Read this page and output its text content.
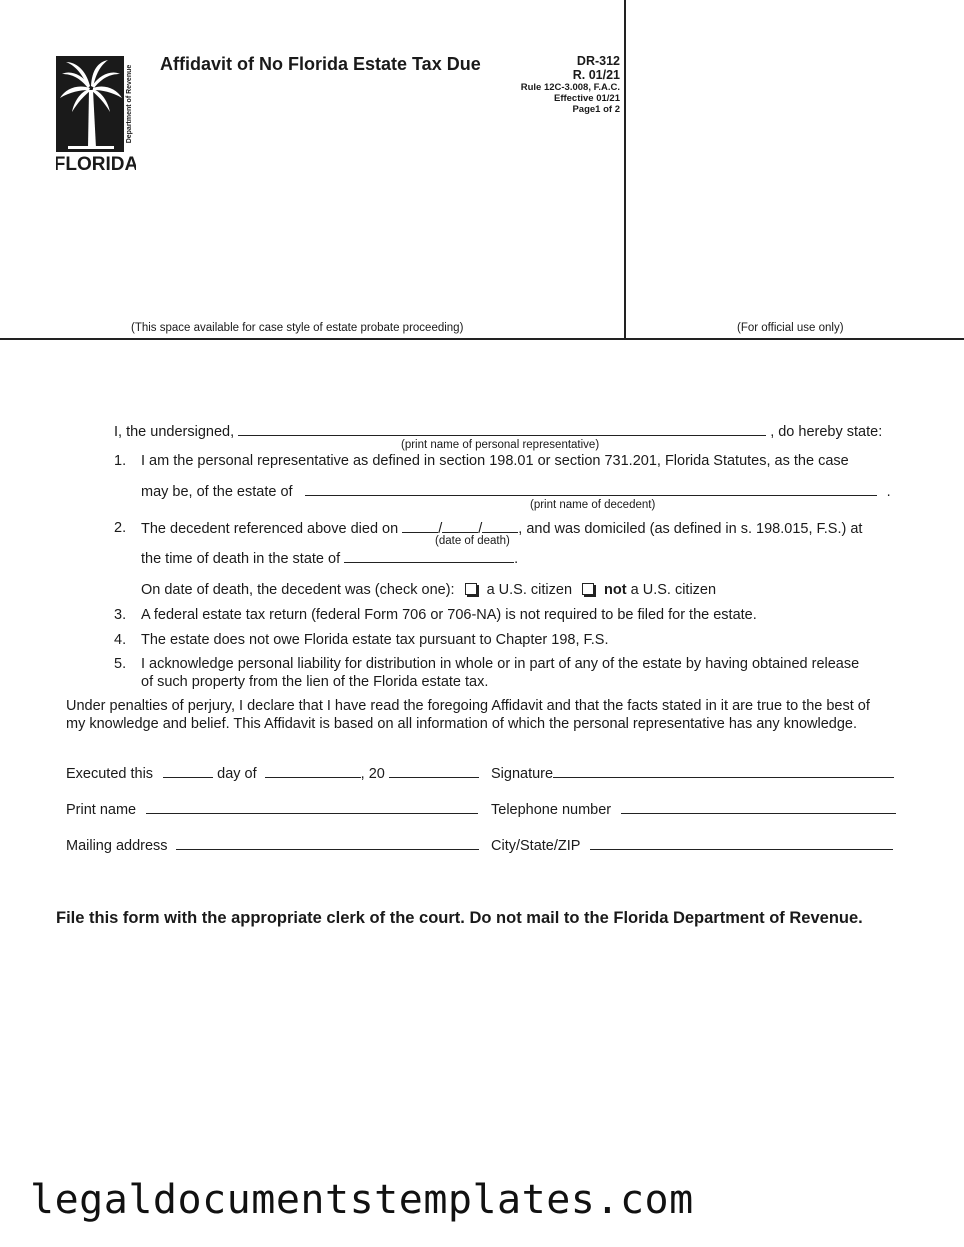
Department of Revenue
FLORIDA
Affidavit of No Florida Estate Tax Due	DR-312
R. 01/21
Rule 12C-3.008, F.A.C.
Effective 01/21
Page1 of 2
(This space available for case style of estate probate proceeding)	(For official use only)
I, the undersigned,	, do hereby state:
(print name of personal representative)
1. I am the personal representative as defined in section 198.01 or section 731.201, Florida Statutes, as the case
may be, of the estate of	.
(print name of decedent)
2. The decedent referenced above died on	/ / , and was domiciled (as defined in s. 198.015, F.S.) at
(date of death)
the time of death in the state of	.
On date of death, the decedent was (check one): a U.S. citizen not a U.S. citizen
3. A federal estate tax return (federal Form 706 or 706-NA) is not required to be filed for the estate.
4. The estate does not owe Florida estate tax pursuant to Chapter 198, F.S.
5. I acknowledge personal liability for distribution in whole or in part of any of the estate by having obtained release
of such property from the lien of the Florida estate tax.
Under penalties of perjury, I declare that I have read the foregoing Affidavit and that the facts stated in it are true to the best of
my knowledge and belief. This Affidavit is based on all information of which the personal representative has any knowledge.
Executed this	day of	, 20	Signature
Print name	Telephone number
Mailing address	City/State/ZIP
File this form with the appropriate clerk of the court. Do not mail to the Florida Department of Revenue.
legaldocumentstemplates.com
